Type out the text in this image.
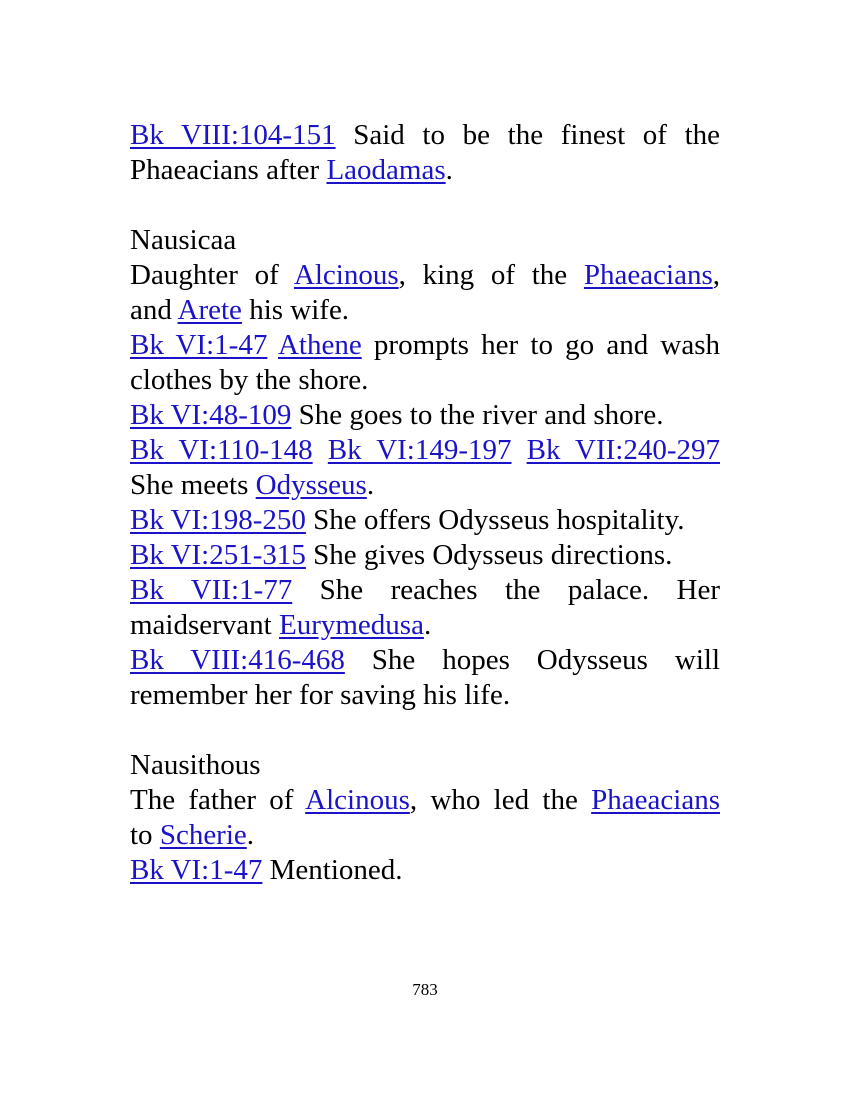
Bk VIII:104-151 Said to be the finest of the
Phaeacians after Laodamas.
Nausicaa
Daughter of Alcinous, king of the Phaeacians,
and Arete his wife.
Bk VI:1-47 Athene prompts her to go and wash
clothes by the shore.
Bk VI:48-109 She goes to the river and shore.
Bk VI:110-148 Bk VI:149-197 Bk VII:240-297
She meets Odysseus.
Bk VI:198-250 She offers Odysseus hospitality.
Bk VI:251-315 She gives Odysseus directions.
Bk VII:1-77 She reaches the palace. Her
maidservant Eurymedusa.
Bk VIII:416-468 She hopes Odysseus will
remember her for saving his life.
Nausithous
The father of Alcinous, who led the Phaeacians
to Scherie.
Bk VI:1-47 Mentioned.
783
